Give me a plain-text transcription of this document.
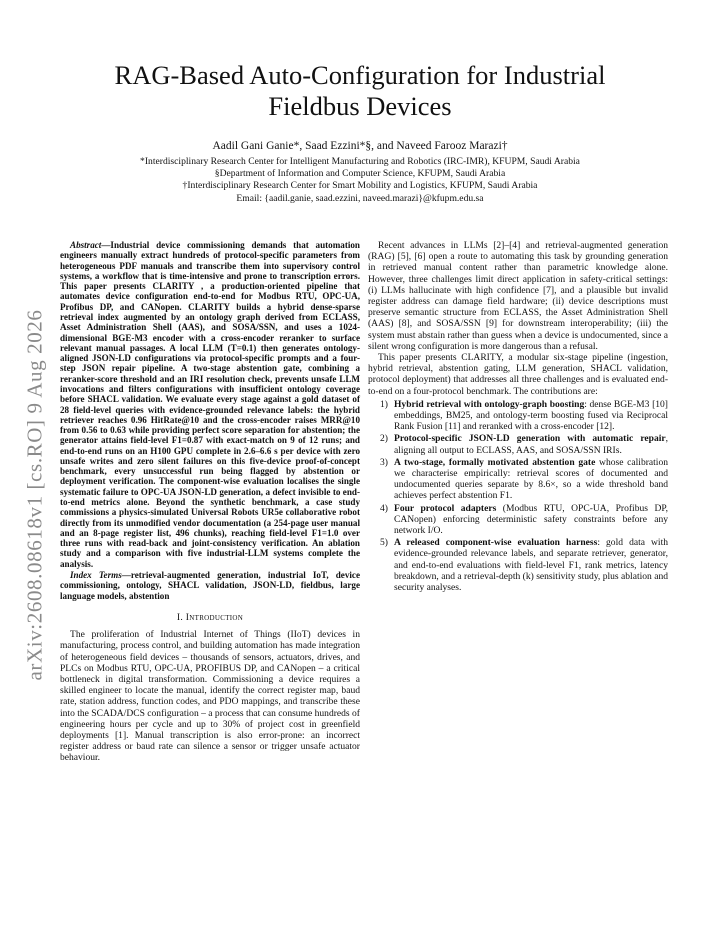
arXiv:2608.08618v1 [cs.RO] 9 Aug 2026
RAG-Based Auto-Configuration for Industrial Fieldbus Devices
Aadil Gani Ganie*, Saad Ezzini*§, and Naveed Farooz Marazi†
*Interdisciplinary Research Center for Intelligent Manufacturing and Robotics (IRC-IMR), KFUPM, Saudi Arabia
§Department of Information and Computer Science, KFUPM, Saudi Arabia
†Interdisciplinary Research Center for Smart Mobility and Logistics, KFUPM, Saudi Arabia
Email: {aadil.ganie, saad.ezzini, naveed.marazi}@kfupm.edu.sa
Abstract—Industrial device commissioning demands that automation engineers manually extract hundreds of protocol-specific parameters from heterogeneous PDF manuals and transcribe them into supervisory control systems, a workflow that is time-intensive and prone to transcription errors. This paper presents CLARITY , a production-oriented pipeline that automates device configuration end-to-end for Modbus RTU, OPC-UA, Profibus DP, and CANopen. CLARITY builds a hybrid dense-sparse retrieval index augmented by an ontology graph derived from ECLASS, Asset Administration Shell (AAS), and SOSA/SSN, and uses a 1024-dimensional BGE-M3 encoder with a cross-encoder reranker to surface relevant manual passages. A local LLM (T=0.1) then generates ontology-aligned JSON-LD configurations via protocol-specific prompts and a four-step JSON repair pipeline. A two-stage abstention gate, combining a reranker-score threshold and an IRI resolution check, prevents unsafe LLM invocations and filters configurations with insufficient ontology coverage before SHACL validation. We evaluate every stage against a gold dataset of 28 field-level queries with evidence-grounded relevance labels: the hybrid retriever reaches 0.96 HitRate@10 and the cross-encoder raises MRR@10 from 0.56 to 0.63 while providing perfect score separation for abstention; the generator attains field-level F1=0.87 with exact-match on 9 of 12 runs; and end-to-end runs on an H100 GPU complete in 2.6–6.6 s per device with zero unsafe writes and zero silent failures on this five-device proof-of-concept benchmark, every unsuccessful run being flagged by abstention or deployment verification. The component-wise evaluation localises the single systematic failure to OPC-UA JSON-LD generation, a defect invisible to end-to-end metrics alone. Beyond the synthetic benchmark, a case study commissions a physics-simulated Universal Robots UR5e collaborative robot directly from its unmodified vendor documentation (a 254-page user manual and an 8-page register list, 496 chunks), reaching field-level F1=1.0 over three runs with read-back and joint-consistency verification. An ablation study and a comparison with five industrial-LLM systems complete the analysis.
Index Terms—retrieval-augmented generation, industrial IoT, device commissioning, ontology, SHACL validation, JSON-LD, fieldbus, large language models, abstention
I. Introduction

The proliferation of Industrial Internet of Things (IIoT) devices in manufacturing, process control, and building automation has made integration of heterogeneous field devices – thousands of sensors, actuators, drives, and PLCs on Modbus RTU, OPC-UA, PROFIBUS DP, and CANopen – a critical bottleneck in digital transformation. Commissioning a device requires a skilled engineer to locate the manual, identify the correct register map, baud rate, station address, function codes, and PDO mappings, and transcribe these into the SCADA/DCS configuration – a process that can consume hundreds of engineering hours per cycle and up to 30% of project cost in greenfield deployments [1]. Manual transcription is also error-prone: an incorrect register address or baud rate can silence a sensor or trigger unsafe actuator behaviour.

Recent advances in LLMs [2]–[4] and retrieval-augmented generation (RAG) [5], [6] open a route to automating this task by grounding generation in retrieved manual content rather than parametric knowledge alone. However, three challenges limit direct application in safety-critical settings: (i) LLMs hallucinate with high confidence [7], and a plausible but invalid register address can damage field hardware; (ii) device descriptions must preserve semantic structure from ECLASS, the Asset Administration Shell (AAS) [8], and SOSA/SSN [9] for downstream interoperability; (iii) the system must abstain rather than guess when a device is undocumented, since a silent wrong configuration is more dangerous than a refusal.

This paper presents CLARITY, a modular six-stage pipeline (ingestion, hybrid retrieval, abstention gating, LLM generation, SHACL validation, protocol deployment) that addresses all three challenges and is evaluated end-to-end on a four-protocol benchmark. The contributions are:

1) Hybrid retrieval with ontology-graph boosting: dense BGE-M3 [10] embeddings, BM25, and ontology-term boosting fused via Reciprocal Rank Fusion [11] and reranked with a cross-encoder [12].
2) Protocol-specific JSON-LD generation with automatic repair, aligning all output to ECLASS, AAS, and SOSA/SSN IRIs.
3) A two-stage, formally motivated abstention gate whose calibration we characterise empirically: retrieval scores of documented and undocumented queries separate by 8.6×, so a wide threshold band achieves perfect abstention F1.
4) Four protocol adapters (Modbus RTU, OPC-UA, Profibus DP, CANopen) enforcing deterministic safety constraints before any network I/O.
5) A released component-wise evaluation harness: gold data with evidence-grounded relevance labels, and separate retriever, generator, and end-to-end evaluations with field-level F1, rank metrics, latency breakdown, and a retrieval-depth (k) sensitivity study, plus ablation and security analyses.
